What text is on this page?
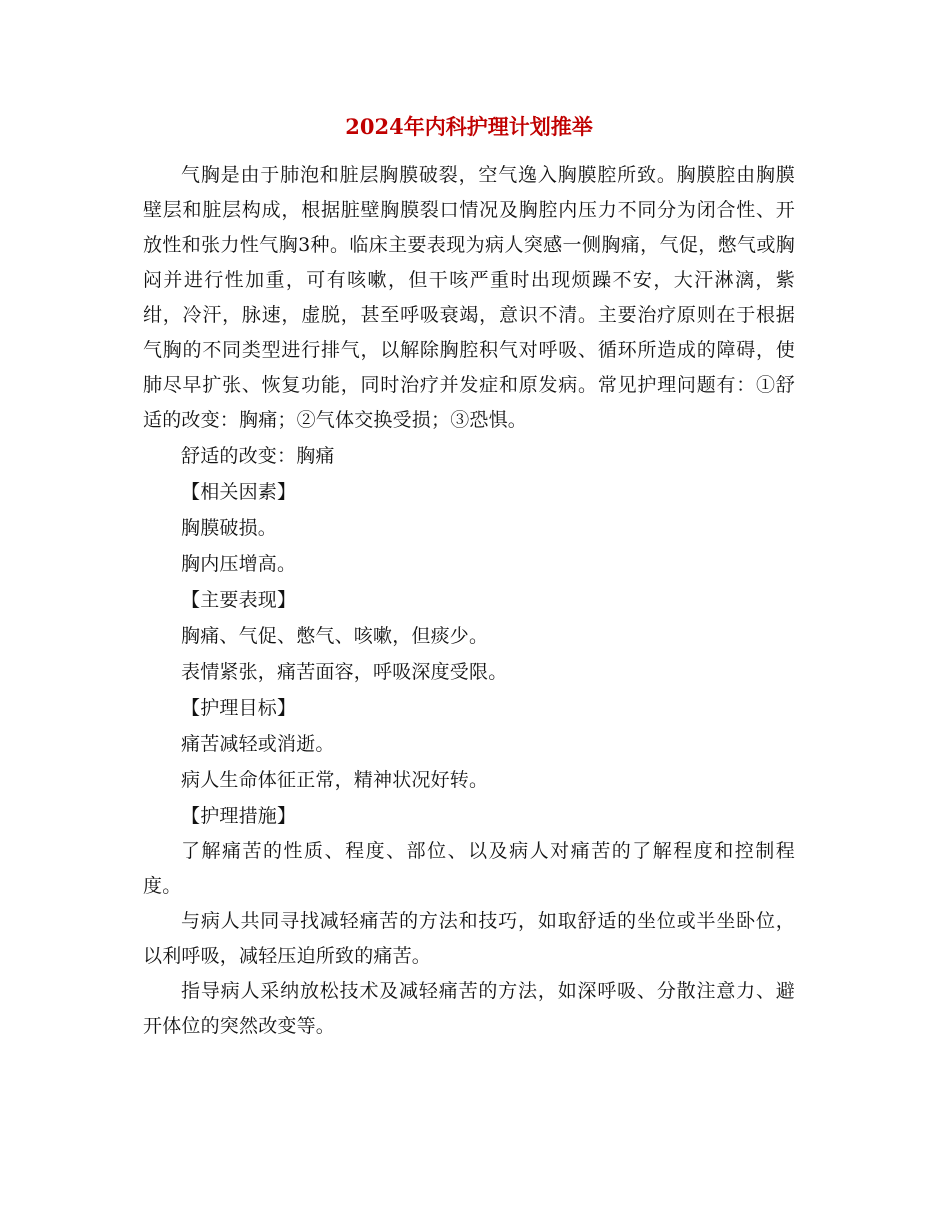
2024年内科护理计划推举

气胸是由于肺泡和脏层胸膜破裂，空气逸入胸膜腔所致。胸膜腔由胸膜壁层和脏层构成，根据脏壁胸膜裂口情况及胸腔内压力不同分为闭合性、开放性和张力性气胸3种。临床主要表现为病人突感一侧胸痛，气促，憋气或胸闷并进行性加重，可有咳嗽，但干咳严重时出现烦躁不安，大汗淋漓，紫绀，冷汗，脉速，虚脱，甚至呼吸衰竭，意识不清。主要治疗原则在于根据气胸的不同类型进行排气，以解除胸腔积气对呼吸、循环所造成的障碍，使肺尽早扩张、恢复功能，同时治疗并发症和原发病。常见护理问题有：①舒适的改变：胸痛；②气体交换受损；③恐惧。

舒适的改变：胸痛

【相关因素】

胸膜破损。

胸内压增高。

【主要表现】

胸痛、气促、憋气、咳嗽，但痰少。

表情紧张，痛苦面容，呼吸深度受限。

【护理目标】

痛苦减轻或消逝。

病人生命体征正常，精神状况好转。

【护理措施】

了解痛苦的性质、程度、部位、以及病人对痛苦的了解程度和控制程度。

与病人共同寻找减轻痛苦的方法和技巧，如取舒适的坐位或半坐卧位，以利呼吸，减轻压迫所致的痛苦。

指导病人采纳放松技术及减轻痛苦的方法，如深呼吸、分散注意力、避开体位的突然改变等。
